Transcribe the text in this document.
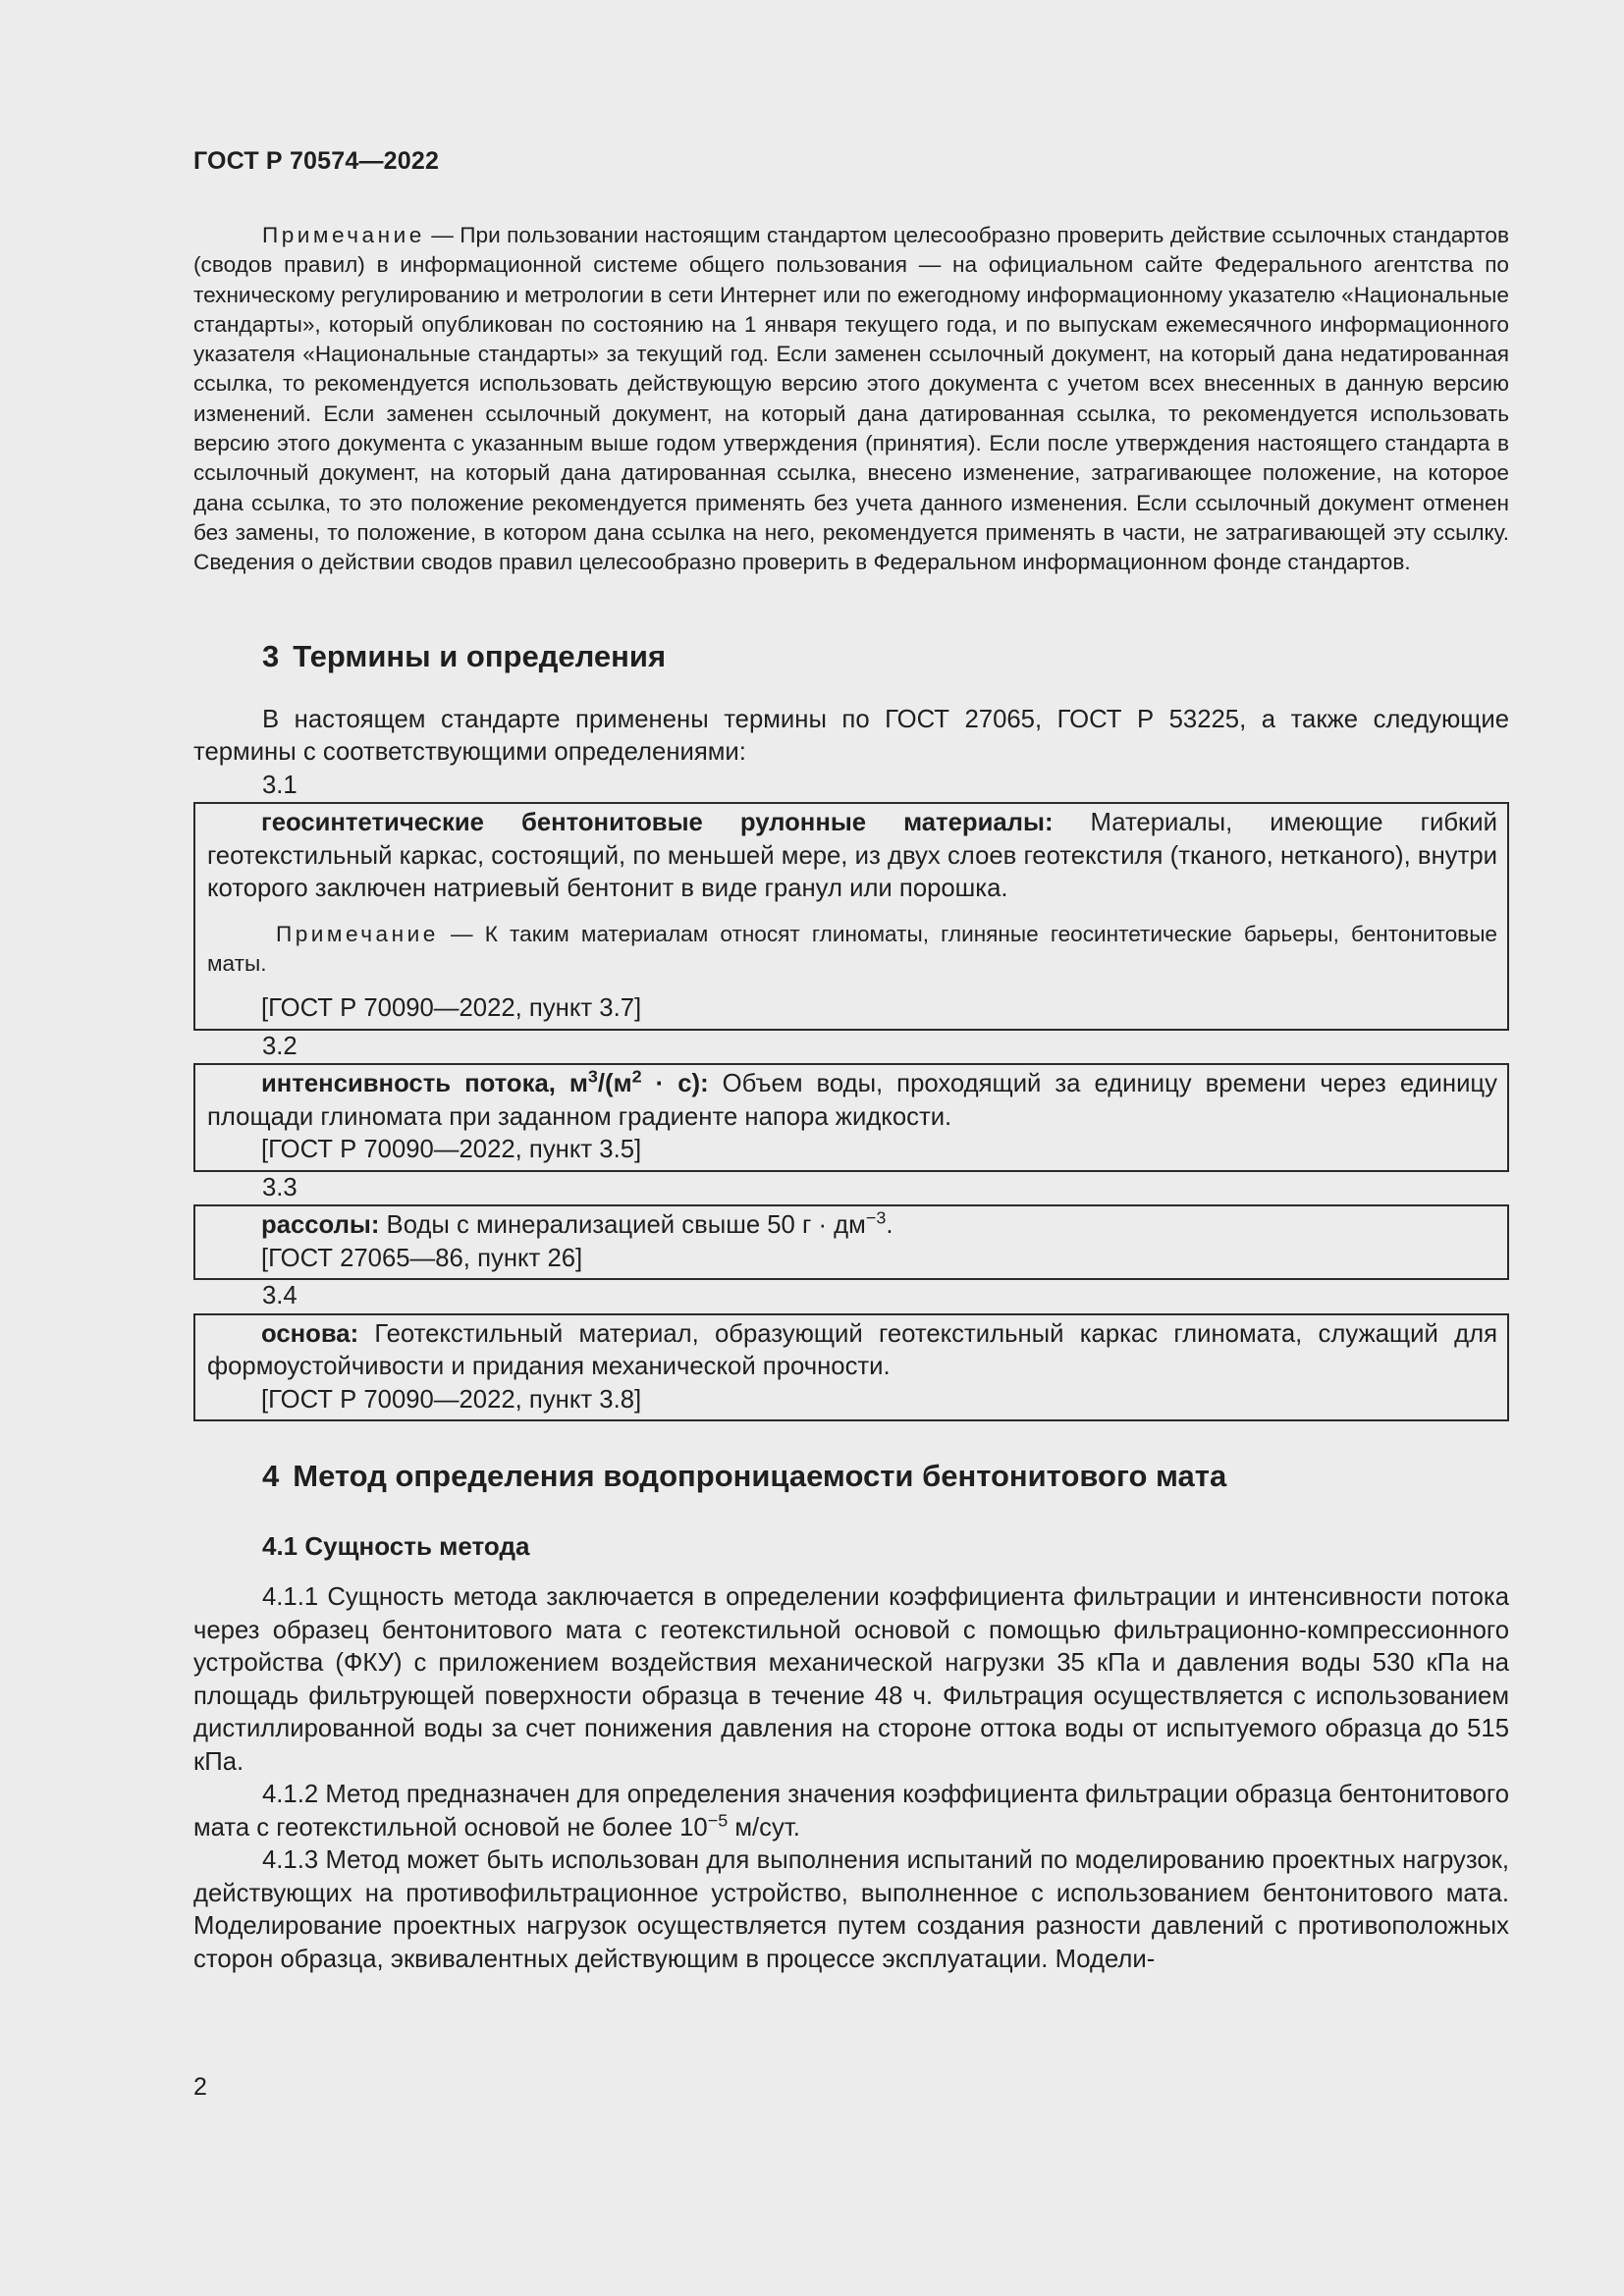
ГОСТ Р 70574—2022

Примечание — При пользовании настоящим стандартом целесообразно проверить действие ссылочных стандартов (сводов правил) в информационной системе общего пользования — на официальном сайте Федерального агентства по техническому регулированию и метрологии в сети Интернет или по ежегодному информационному указателю «Национальные стандарты», который опубликован по состоянию на 1 января текущего года, и по выпускам ежемесячного информационного указателя «Национальные стандарты» за текущий год. Если заменен ссылочный документ, на который дана недатированная ссылка, то рекомендуется использовать действующую версию этого документа с учетом всех внесенных в данную версию изменений. Если заменен ссылочный документ, на который дана датированная ссылка, то рекомендуется использовать версию этого документа с указанным выше годом утверждения (принятия). Если после утверждения настоящего стандарта в ссылочный документ, на который дана датированная ссылка, внесено изменение, затрагивающее положение, на которое дана ссылка, то это положение рекомендуется применять без учета данного изменения. Если ссылочный документ отменен без замены, то положение, в котором дана ссылка на него, рекомендуется применять в части, не затрагивающей эту ссылку. Сведения о действии сводов правил целесообразно проверить в Федеральном информационном фонде стандартов.

3 Термины и определения

В настоящем стандарте применены термины по ГОСТ 27065, ГОСТ Р 53225, а также следующие термины с соответствующими определениями:

3.1

геосинтетические бентонитовые рулонные материалы: Материалы, имеющие гибкий геотекстильный каркас, состоящий, по меньшей мере, из двух слоев геотекстиля (тканого, нетканого), внутри которого заключен натриевый бентонит в виде гранул или порошка.

Примечание — К таким материалам относят глиноматы, глиняные геосинтетические барьеры, бентонитовые маты.

[ГОСТ Р 70090—2022, пункт 3.7]

3.2

интенсивность потока, $м^3/(м^2 \cdot с)$: Объем воды, проходящий за единицу времени через единицу площади глиномата при заданном градиенте напора жидкости.

[ГОСТ Р 70090—2022, пункт 3.5]

3.3

рассолы: Воды с минерализацией свыше 50 $г \cdot дм^{-3}$.

[ГОСТ 27065—86, пункт 26]

3.4

основа: Геотекстильный материал, образующий геотекстильный каркас глиномата, служащий для формоустойчивости и придания механической прочности.

[ГОСТ Р 70090—2022, пункт 3.8]

4 Метод определения водопроницаемости бентонитового мата
4.1 Сущность метода

4.1.1 Сущность метода заключается в определении коэффициента фильтрации и интенсивности потока через образец бентонитового мата с геотекстильной основой с помощью фильтрационно-компрессионного устройства (ФКУ) с приложением воздействия механической нагрузки 35 кПа и давления воды 530 кПа на площадь фильтрующей поверхности образца в течение 48 ч. Фильтрация осуществляется с использованием дистиллированной воды за счет понижения давления на стороне оттока воды от испытуемого образца до 515 кПа.

4.1.2 Метод предназначен для определения значения коэффициента фильтрации образца бентонитового мата с геотекстильной основой не более $10^{-5}$ м/сут.

4.1.3 Метод может быть использован для выполнения испытаний по моделированию проектных нагрузок, действующих на противофильтрационное устройство, выполненное с использованием бентонитового мата. Моделирование проектных нагрузок осуществляется путем создания разности давлений с противоположных сторон образца, эквивалентных действующим в процессе эксплуатации. Модели-

2
